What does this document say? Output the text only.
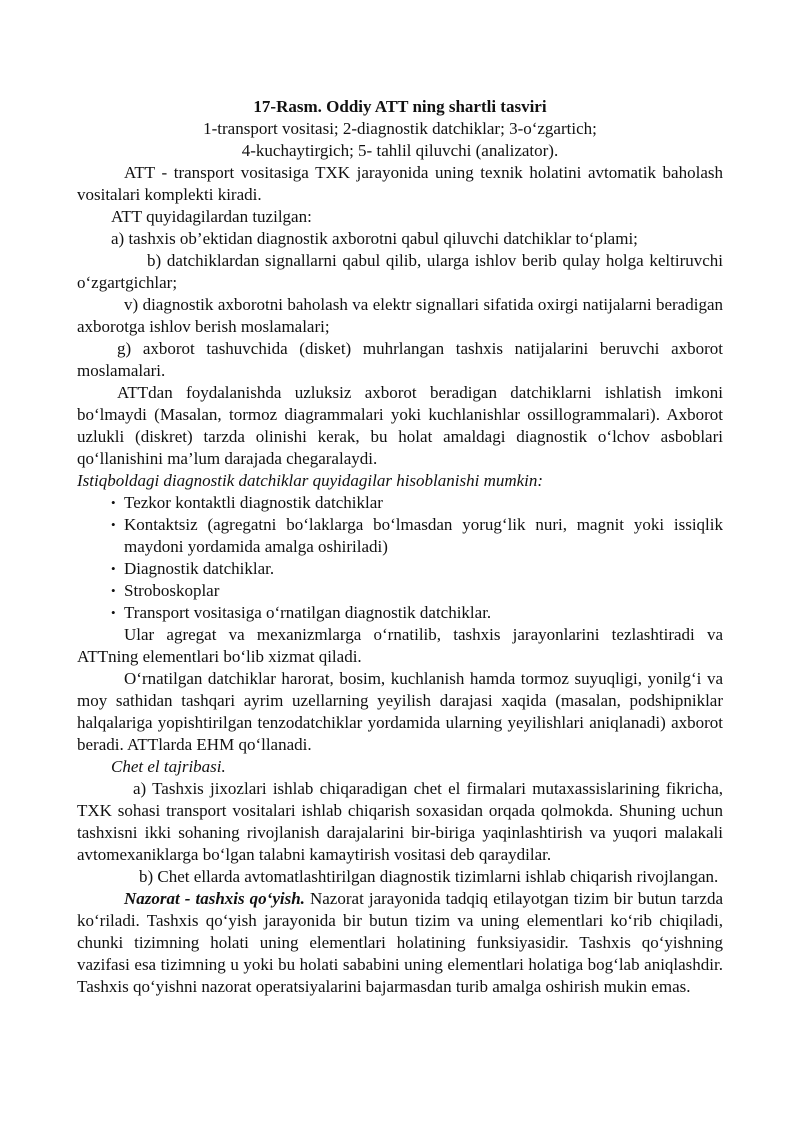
17-Rasm. Oddiy ATT ning shartli tasviri

1-transport vositasi; 2-diagnostik datchiklar; 3-o‘zgartich;

4-kuchaytirgich; 5- tahlil qiluvchi (analizator).

ATT - transport vositasiga TXK jarayonida uning texnik holatini avtomatik baholash vositalari komplekti kiradi.

ATT quyidagilardan tuzilgan:

a) tashxis ob’ektidan diagnostik axborotni qabul qiluvchi datchiklar to‘plami;

b) datchiklardan signallarni qabul qilib, ularga ishlov berib qulay holga keltiruvchi o‘zgartgichlar;

v) diagnostik axborotni baholash va elektr signallari sifatida oxirgi natijalarni beradigan axborotga ishlov berish moslamalari;

g) axborot tashuvchida (disket) muhrlangan tashxis natijalarini beruvchi axborot moslamalari.

ATTdan foydalanishda uzluksiz axborot beradigan datchiklarni ishlatish imkoni bo‘lmaydi (Masalan, tormoz diagrammalari yoki kuchlanishlar ossillogrammalari). Axborot uzlukli (diskret) tarzda olinishi kerak, bu holat amaldagi diagnostik o‘lchov asboblari qo‘llanishini ma’lum darajada chegaralaydi.

Istiqboldagi diagnostik datchiklar quyidagilar hisoblanishi mumkin:

• Tezkor kontaktli diagnostik datchiklar
• Kontaktsiz (agregatni bo‘laklarga bo‘lmasdan yorug‘lik nuri, magnit yoki issiqlik maydoni yordamida amalga oshiriladi)
• Diagnostik datchiklar.
• Stroboskoplar
• Transport vositasiga o‘rnatilgan diagnostik datchiklar.

Ular agregat va mexanizmlarga o‘rnatilib, tashxis jarayonlarini tezlashtiradi va ATTning elementlari bo‘lib xizmat qiladi.

O‘rnatilgan datchiklar harorat, bosim, kuchlanish hamda tormoz suyuqligi, yonilg‘i va moy sathidan tashqari ayrim uzellarning yeyilish darajasi xaqida (masalan, podshipniklar halqalariga yopishtirilgan tenzodatchiklar yordamida ularning yeyilishlari aniqlanadi) axborot beradi. ATTlarda EHM qo‘llanadi.

Chet el tajribasi.

a) Tashxis jixozlari ishlab chiqaradigan chet el firmalari mutaxassislarining fikricha, TXK sohasi transport vositalari ishlab chiqarish soxasidan orqada qolmokda. Shuning uchun tashxisni ikki sohaning rivojlanish darajalarini bir-biriga yaqinlashtirish va yuqori malakali avtomexaniklarga bo‘lgan talabni kamaytirish vositasi deb qaraydilar.

b) Chet ellarda avtomatlashtirilgan diagnostik tizimlarni ishlab chiqarish rivojlangan.

Nazorat - tashxis qo‘yish. Nazorat jarayonida tadqiq etilayotgan tizim bir butun tarzda ko‘riladi. Tashxis qo‘yish jarayonida bir butun tizim va uning elementlari ko‘rib chiqiladi, chunki tizimning holati uning elementlari holatining funksiyasidir. Tashxis qo‘yishning vazifasi esa tizimning u yoki bu holati sababini uning elementlari holatiga bog‘lab aniqlashdir. Tashxis qo‘yishni nazorat operatsiyalarini bajarmasdan turib amalga oshirish mukin emas.
